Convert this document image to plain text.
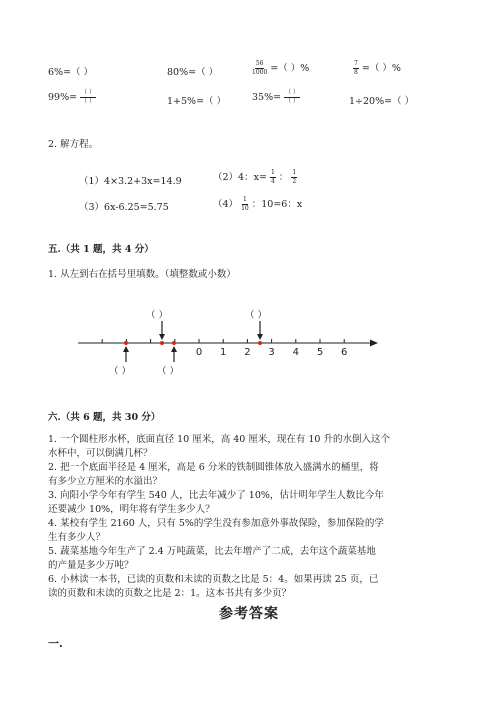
6%=（ ）	80%=（ ）	$\frac{56}{1000}$ =（ ）%	$\frac{7}{8}$ =（ ）%
$99\%= \frac{( )}{( )}$	1+5%=（ ）	$35\%= \frac{( )}{( )}$	1÷20%=（ ）
2. 解方程。
（1）4×3.2+3x=14.9	（2）4：$x= \frac{1}{4}$ ： $\frac{1}{2}$
（3）6x-6.25=5.75	$(4) \frac{1}{10}$ ：10=6：x
五.（共 1 题，共 4 分）
1. 从左到右在括号里填数。（填整数或小数）
0 1 2 3 4 5 6
（ ）	（ ）
（ ）	（ ）
六.（共 6 题，共 30 分）
1. 一个圆柱形水杯，底面直径 10 厘米，高 40 厘米，现在有 10 升的水倒入这个
水杯中，可以倒满几杯？
2. 把一个底面半径是 4 厘米，高是 6 分米的铁制圆锥体放入盛满水的桶里，将
有多少立方厘米的水溢出？
3. 向阳小学今年有学生 540 人，比去年减少了 10%，估计明年学生人数比今年
还要减少 10%，明年将有学生多少人？
4. 某校有学生 2160 人，只有 5%的学生没有参加意外事故保险，参加保险的学
生有多少人？
5. 蔬菜基地今年生产了 2.4 万吨蔬菜，比去年增产了二成，去年这个蔬菜基地
的产量是多少万吨？
6. 小林读一本书，已读的页数和未读的页数之比是 5：4。如果再读 25 页，已
读的页数和未读的页数之比是 2：1。这本书共有多少页？
参考答案
一.
